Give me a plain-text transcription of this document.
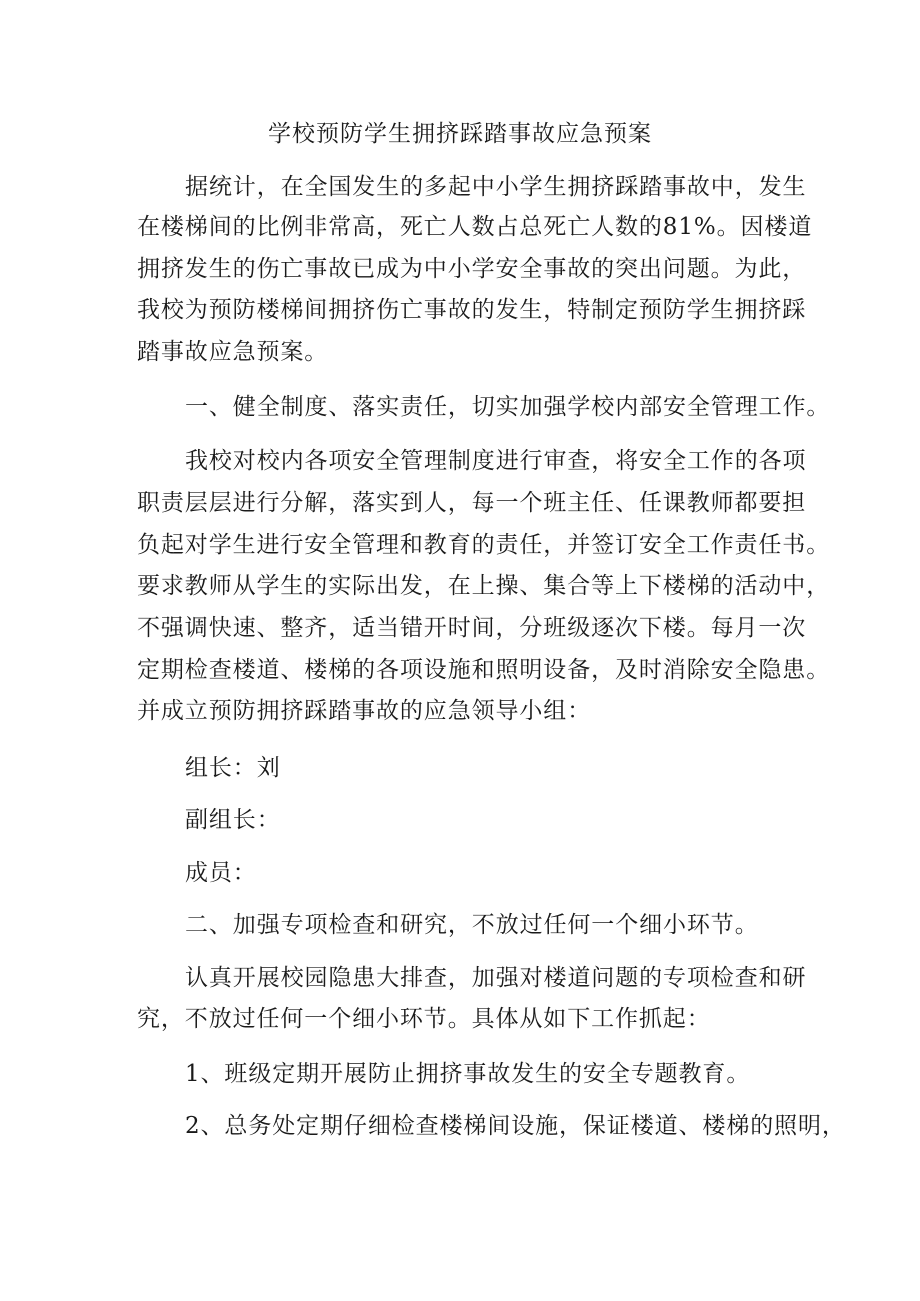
学校预防学生拥挤踩踏事故应急预案
据统计，在全国发生的多起中小学生拥挤踩踏事故中，发生
在楼梯间的比例非常高，死亡人数占总死亡人数的81%。因楼道
拥挤发生的伤亡事故已成为中小学安全事故的突出问题。为此，
我校为预防楼梯间拥挤伤亡事故的发生，特制定预防学生拥挤踩
踏事故应急预案。
一、健全制度、落实责任，切实加强学校内部安全管理工作。
我校对校内各项安全管理制度进行审查，将安全工作的各项
职责层层进行分解，落实到人，每一个班主任、任课教师都要担
负起对学生进行安全管理和教育的责任，并签订安全工作责任书。
要求教师从学生的实际出发，在上操、集合等上下楼梯的活动中，
不强调快速、整齐，适当错开时间，分班级逐次下楼。每月一次
定期检查楼道、楼梯的各项设施和照明设备，及时消除安全隐患。
并成立预防拥挤踩踏事故的应急领导小组：
组长：刘
副组长：
成员：
二、加强专项检查和研究，不放过任何一个细小环节。
认真开展校园隐患大排查，加强对楼道问题的专项检查和研
究，不放过任何一个细小环节。具体从如下工作抓起：
1、班级定期开展防止拥挤事故发生的安全专题教育。
2、总务处定期仔细检查楼梯间设施，保证楼道、楼梯的照明，
